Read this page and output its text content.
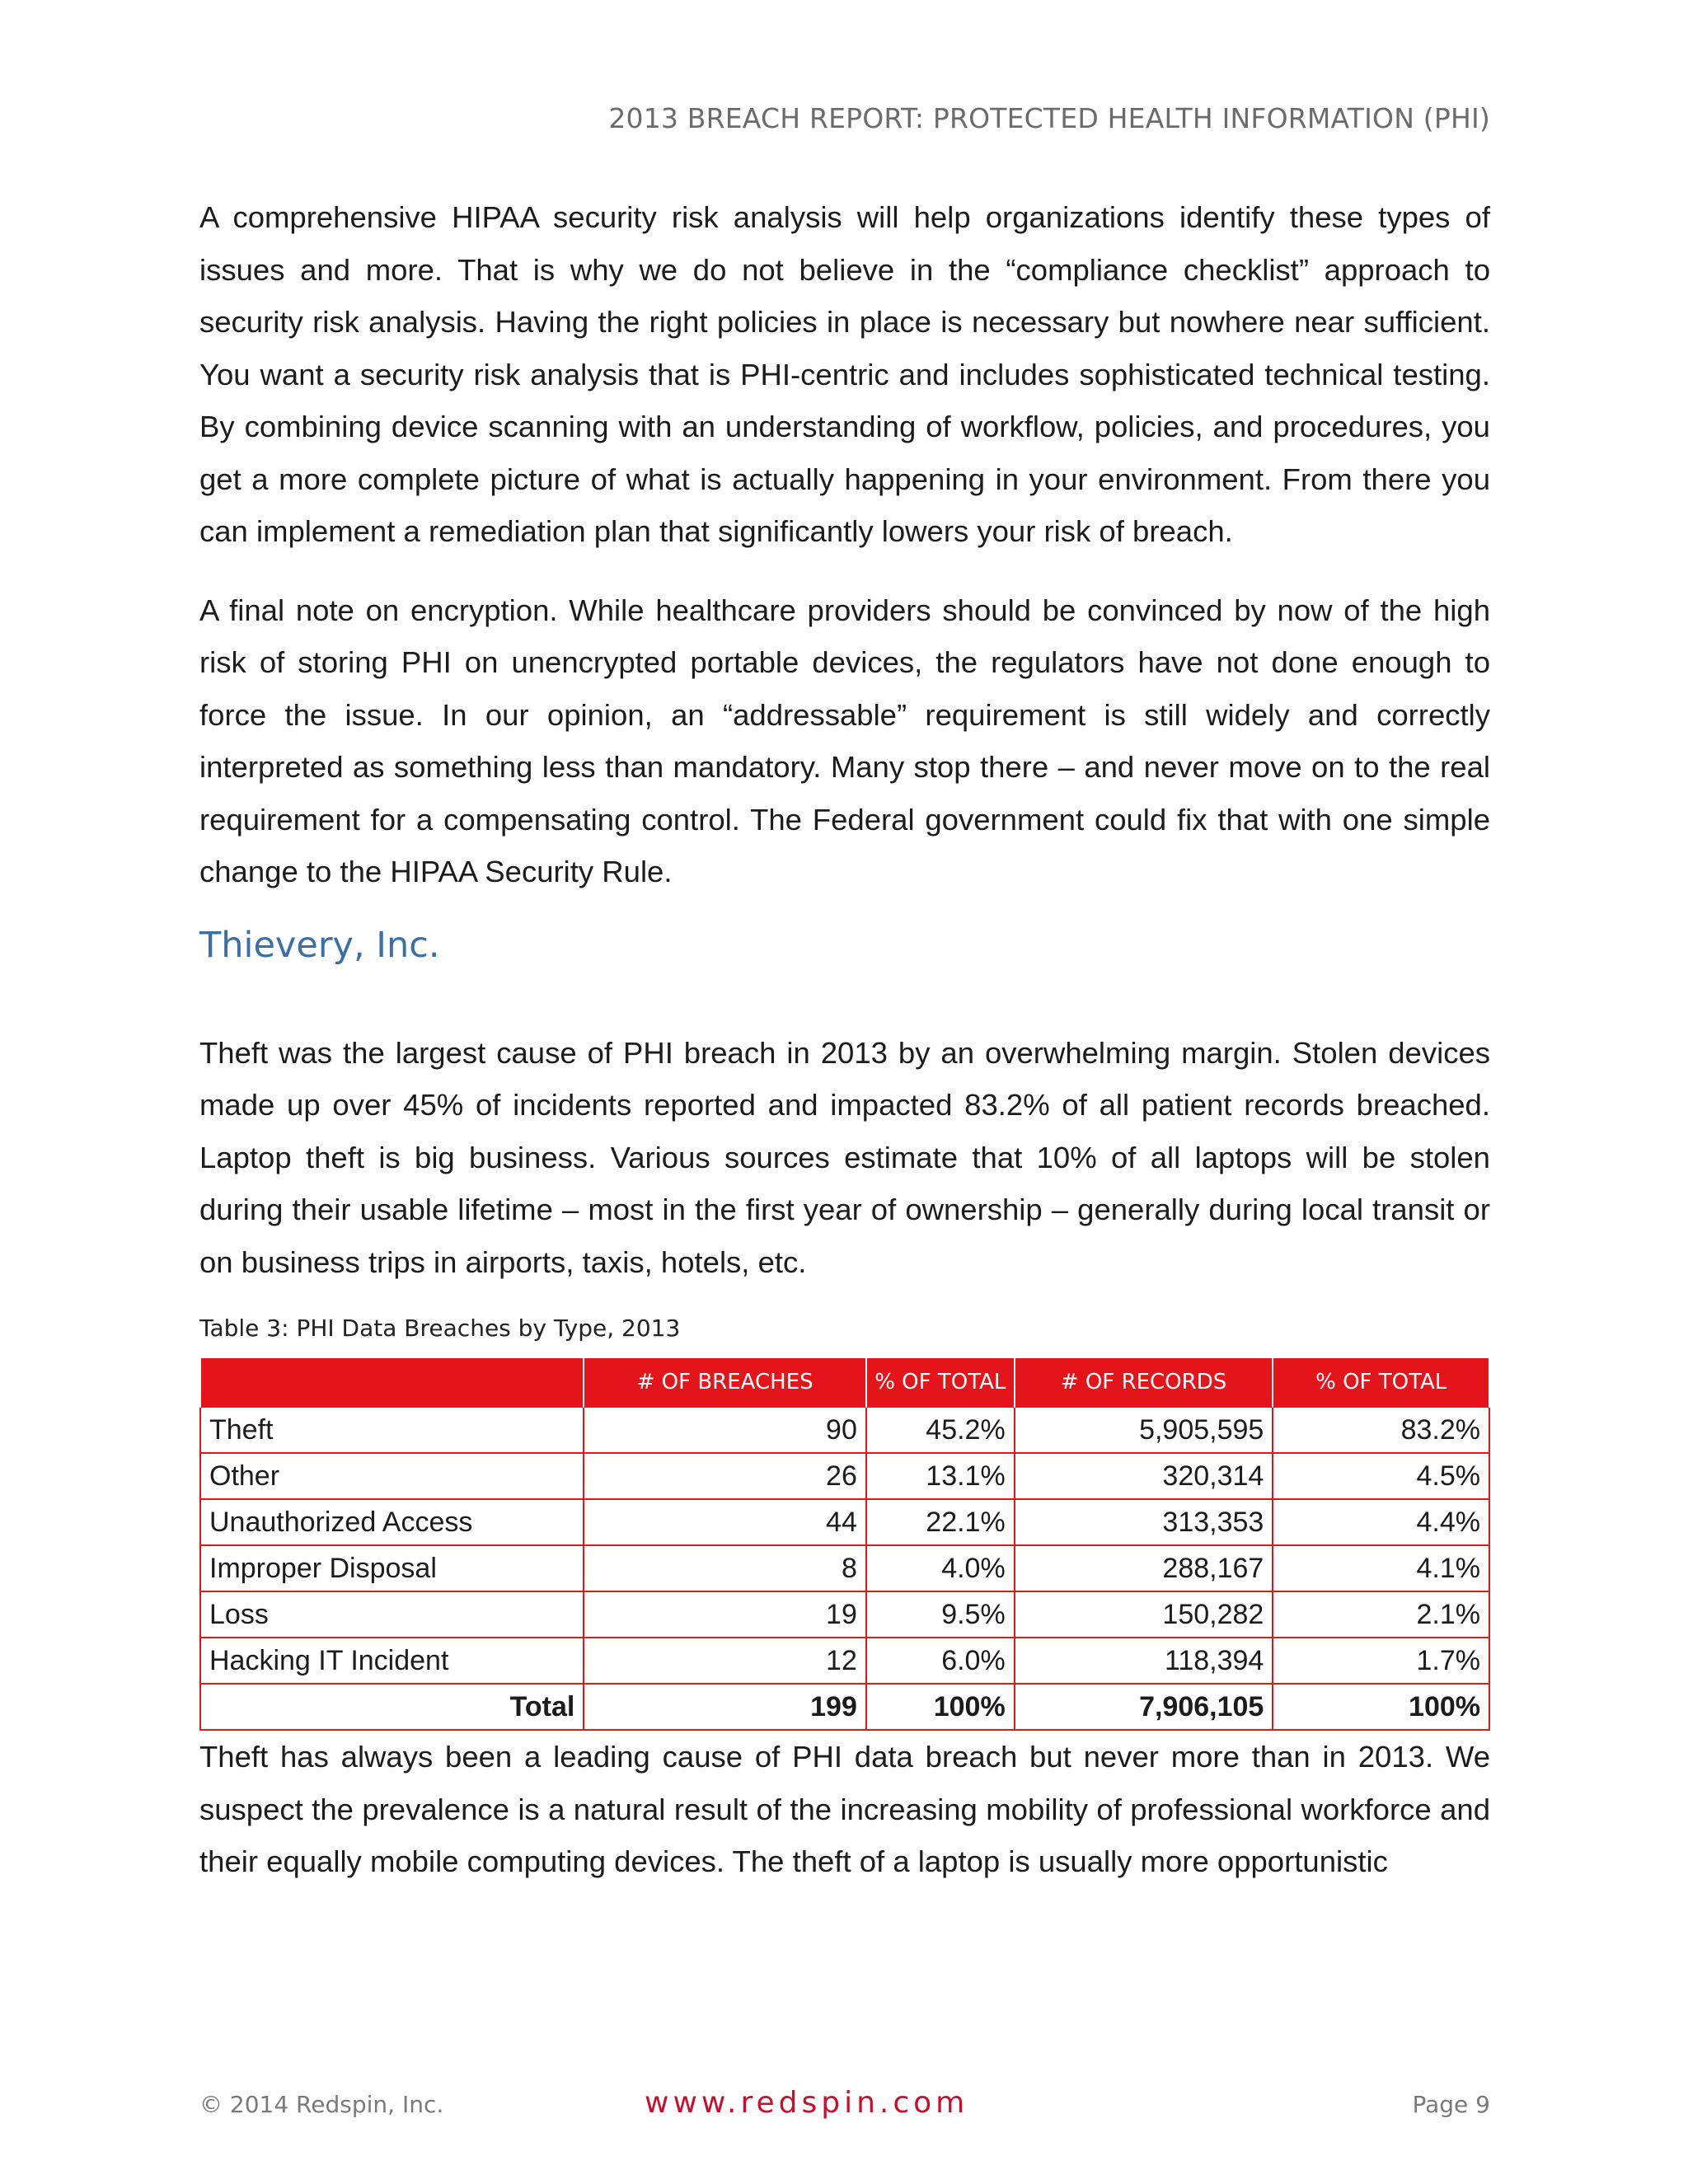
2013 BREACH REPORT: PROTECTED HEALTH INFORMATION (PHI)

A comprehensive HIPAA security risk analysis will help organizations identify these types of issues and more. That is why we do not believe in the “compliance checklist” approach to security risk analysis. Having the right policies in place is necessary but nowhere near sufficient. You want a security risk analysis that is PHI-centric and includes sophisticated technical testing. By combining device scanning with an understanding of workflow, policies, and procedures, you get a more complete picture of what is actually happening in your environment. From there you can implement a remediation plan that significantly lowers your risk of breach.

A final note on encryption. While healthcare providers should be convinced by now of the high risk of storing PHI on unencrypted portable devices, the regulators have not done enough to force the issue. In our opinion, an “addressable” requirement is still widely and correctly interpreted as something less than mandatory. Many stop there – and never move on to the real requirement for a compensating control. The Federal government could fix that with one simple change to the HIPAA Security Rule.

Thievery, Inc.

Theft was the largest cause of PHI breach in 2013 by an overwhelming margin. Stolen devices made up over 45% of incidents reported and impacted 83.2% of all patient records breached. Laptop theft is big business. Various sources estimate that 10% of all laptops will be stolen during their usable lifetime – most in the first year of ownership – generally during local transit or on business trips in airports, taxis, hotels, etc.

Table 3: PHI Data Breaches by Type, 2013
	# OF BREACHES	% OF TOTAL	# OF RECORDS	% OF TOTAL
Theft	90	45.2%	5,905,595	83.2%
Other	26	13.1%	320,314	4.5%
Unauthorized Access	44	22.1%	313,353	4.4%
Improper Disposal	8	4.0%	288,167	4.1%
Loss	19	9.5%	150,282	2.1%
Hacking IT Incident	12	6.0%	118,394	1.7%
Total	199	100%	7,906,105	100%

Theft has always been a leading cause of PHI data breach but never more than in 2013. We suspect the prevalence is a natural result of the increasing mobility of professional workforce and their equally mobile computing devices. The theft of a laptop is usually more opportunistic

© 2014 Redspin, Inc.	www.redspin.com	Page 9
